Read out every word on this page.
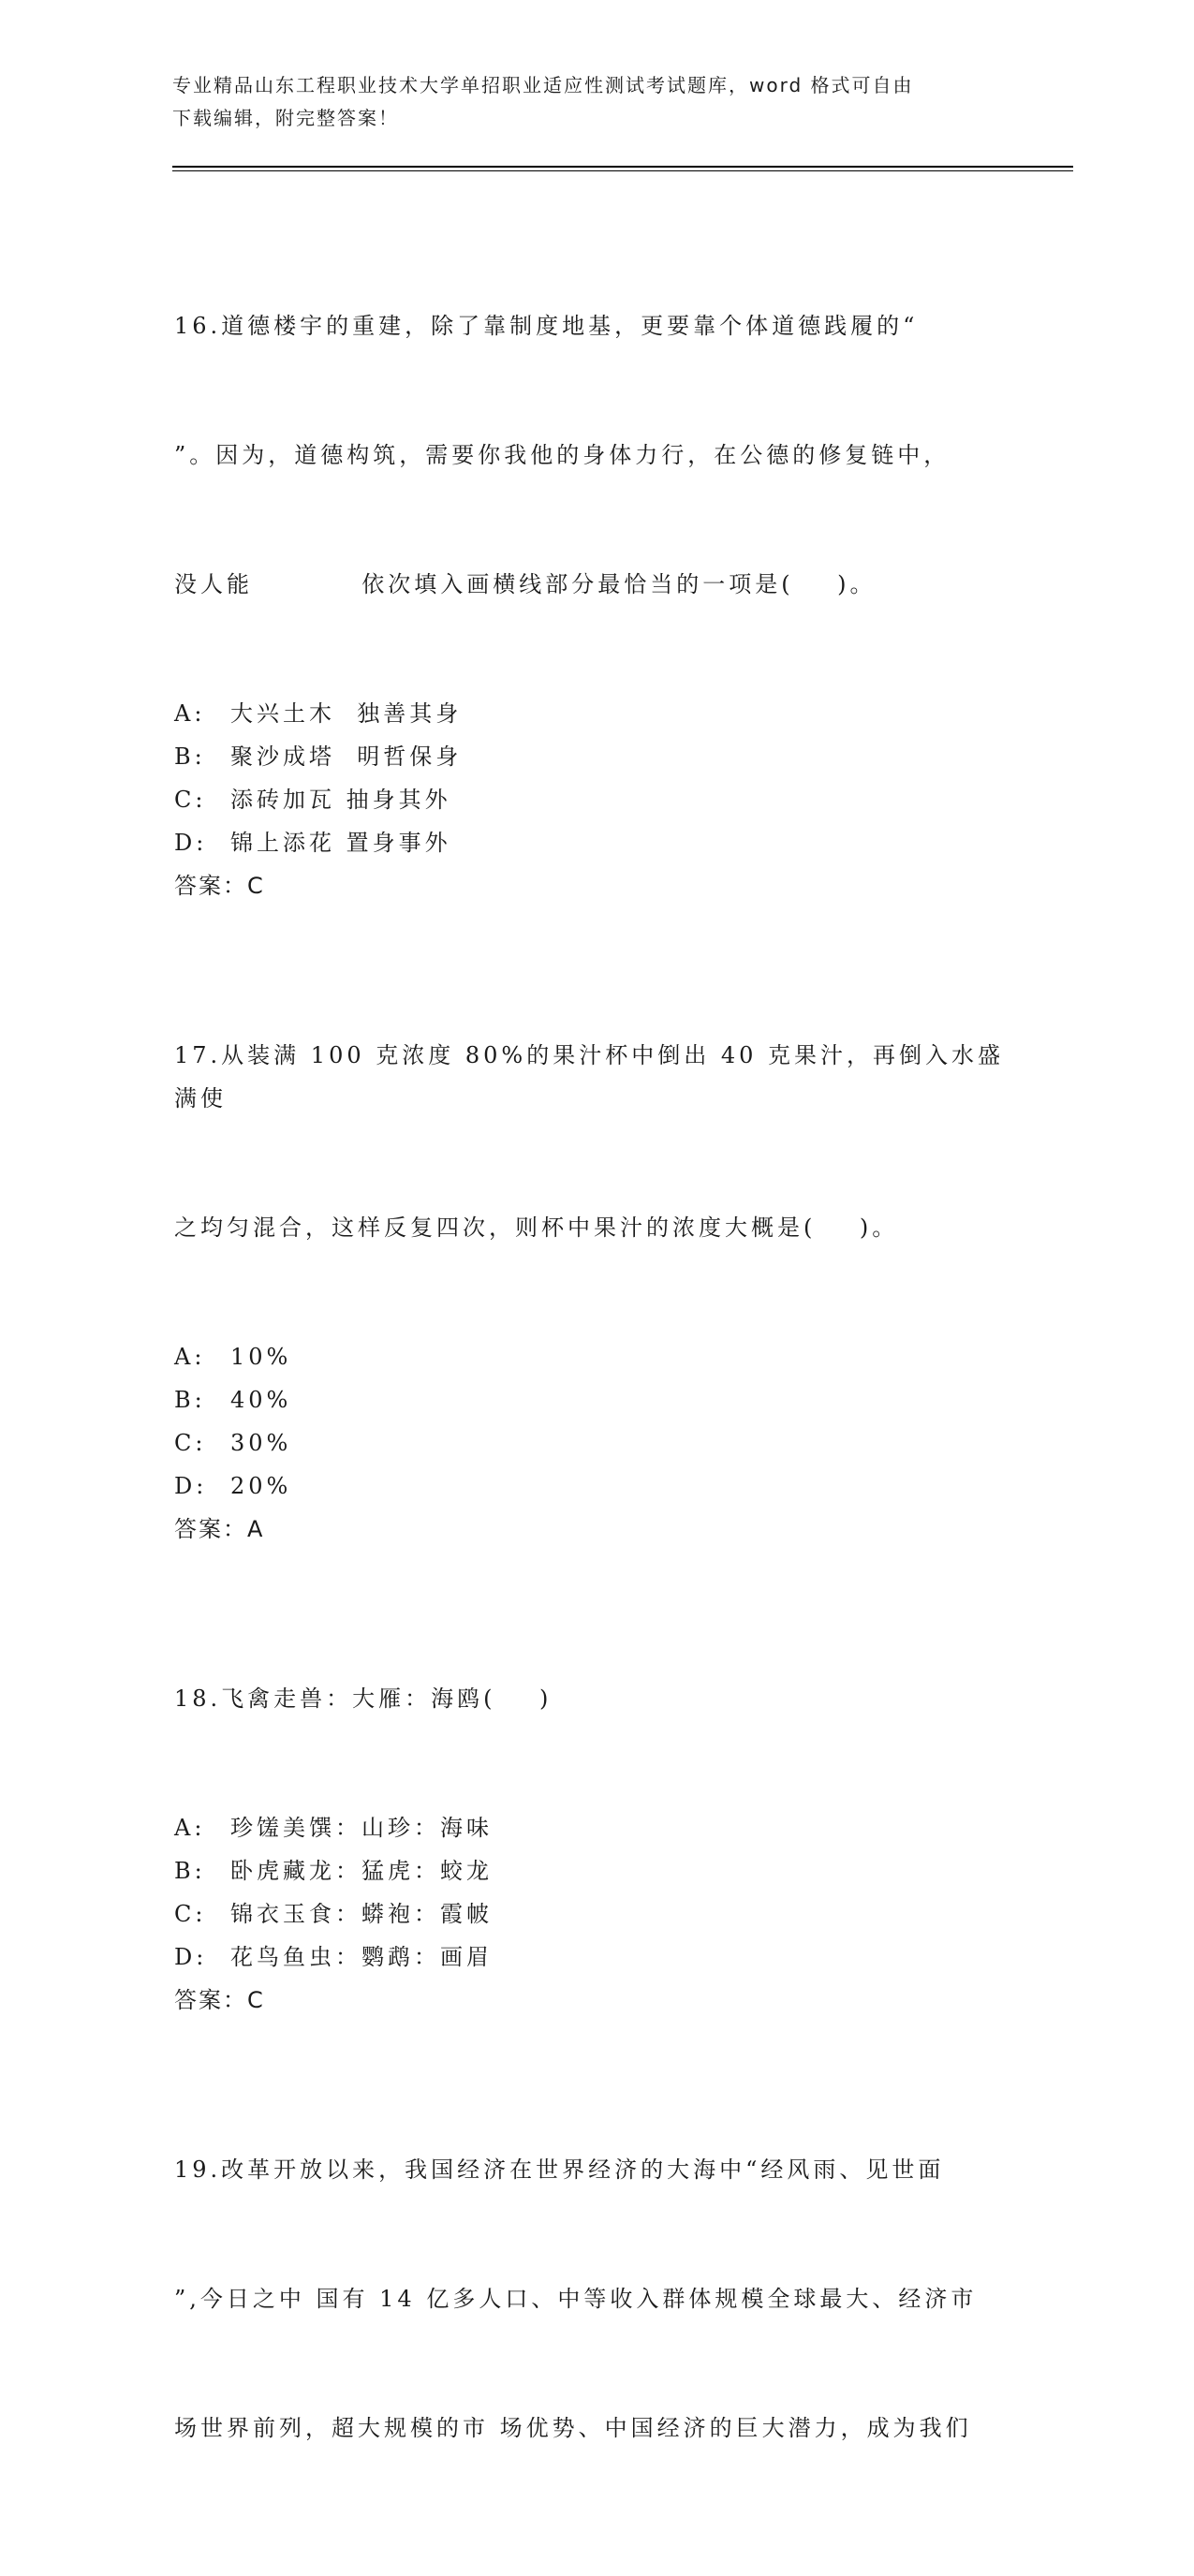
专业精品山东工程职业技术大学单招职业适应性测试考试题库，word 格式可自由
下载编辑，附完整答案！

16.道德楼宇的重建，除了靠制度地基，更要靠个体道德践履的“

”。因为，道德构筑，需要你我他的身体力行，在公德的修复链中，

没人能          依次填入画横线部分最恰当的一项是(    )。

A: 大兴土木  独善其身
B: 聚沙成塔  明哲保身
C: 添砖加瓦 抽身其外
D: 锦上添花 置身事外
答案：C

17.从装满 100 克浓度 80%的果汁杯中倒出 40 克果汁，再倒入水盛满使

之均匀混合，这样反复四次，则杯中果汁的浓度大概是(    )。

A: 10%
B: 40%
C: 30%
D: 20%
答案：A

18.飞禽走兽：大雁：海鸥(    )

A: 珍馐美馔：山珍：海味
B: 卧虎藏龙：猛虎：蛟龙
C: 锦衣玉食：蟒袍：霞帔
D: 花鸟鱼虫：鹦鹉：画眉
答案：C

19.改革开放以来，我国经济在世界经济的大海中“经风雨、见世面

”,今日之中 国有 14 亿多人口、中等收入群体规模全球最大、经济市

场世界前列，超大规模的市 场优势、中国经济的巨大潜力，成为我们
